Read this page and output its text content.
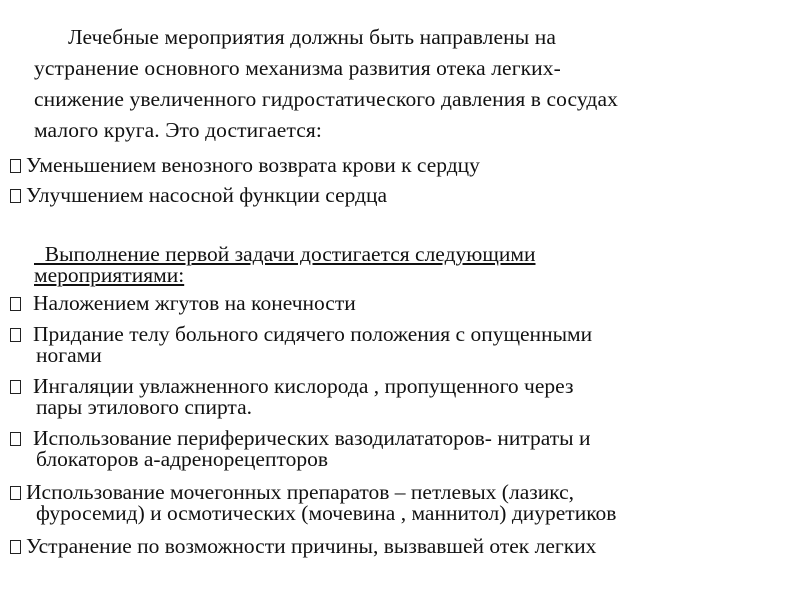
Лечебные мероприятия должны быть направлены на
устранение основного механизма развития отека легких-
снижение увеличенного гидростатического давления в сосудах
малого круга. Это достигается:
Уменьшением венозного возврата крови к сердцу
Улучшением насосной функции сердца
Выполнение первой задачи достигается следующими
мероприятиями:
Наложением жгутов на конечности
Придание телу больного сидячего положения с опущенными
ногами
Ингаляции увлажненного кислорода , пропущенного через
пары этилового спирта.
Использование периферических вазодилататоров- нитраты и
блокаторов а-адренорецепторов
Использование мочегонных препаратов – петлевых (лазикс,
фуросемид) и осмотических (мочевина , маннитол) диуретиков
Устранение по возможности причины, вызвавшей отек легких
